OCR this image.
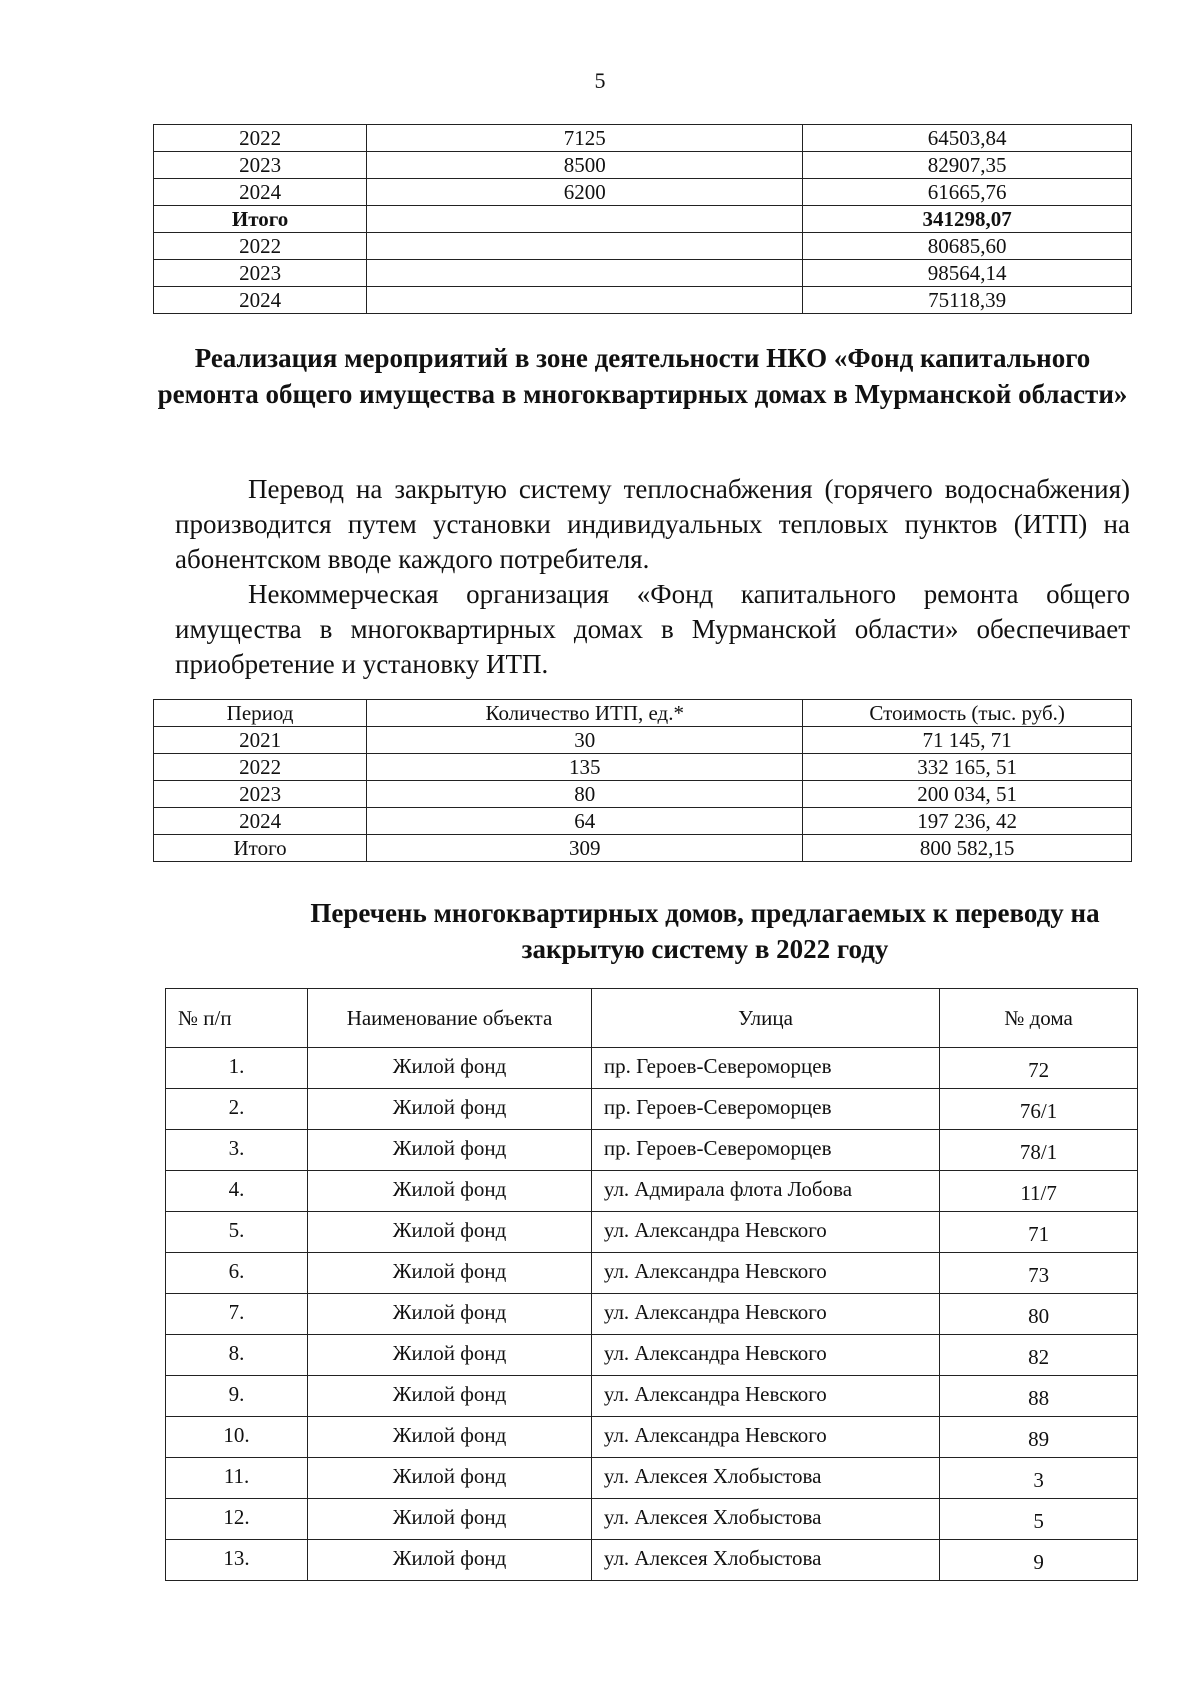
5
2022	7125	64503,84
2023	8500	82907,35
2024	6200	61665,76
Итого		341298,07
2022		80685,60
2023		98564,14
2024		75118,39
Реализация мероприятий в зоне деятельности НКО «Фонд капитального ремонта общего имущества в многоквартирных домах в Мурманской области»

Перевод на закрытую систему теплоснабжения (горячего водоснабжения) производится путем установки индивидуальных тепловых пунктов (ИТП) на абонентском вводе каждого потребителя.

Некоммерческая организация «Фонд капитального ремонта общего имущества в многоквартирных домах в Мурманской области» обеспечивает приобретение и установку ИТП.

Период	Количество ИТП, ед.*	Стоимость (тыс. руб.)
2021	30	71 145, 71
2022	135	332 165, 51
2023	80	200 034, 51
2024	64	197 236, 42
Итого	309	800 582,15
Перечень многоквартирных домов, предлагаемых к переводу на закрытую систему в 2022 году
№ п/п	Наименование объекта	Улица	№ дома

1.	Жилой фонд	пр. Героев-Североморцев	72

2.	Жилой фонд	пр. Героев-Североморцев	76/1

3.	Жилой фонд	пр. Героев-Североморцев	78/1

4.	Жилой фонд	ул. Адмирала флота Лобова	11/7

5.	Жилой фонд	ул. Александра Невского	71

6.	Жилой фонд	ул. Александра Невского	73

7.	Жилой фонд	ул. Александра Невского	80

8.	Жилой фонд	ул. Александра Невского	82

9.	Жилой фонд	ул. Александра Невского	88

10.	Жилой фонд	ул. Александра Невского	89

11.	Жилой фонд	ул. Алексея Хлобыстова	3

12.	Жилой фонд	ул. Алексея Хлобыстова	5

13.	Жилой фонд	ул. Алексея Хлобыстова	9
